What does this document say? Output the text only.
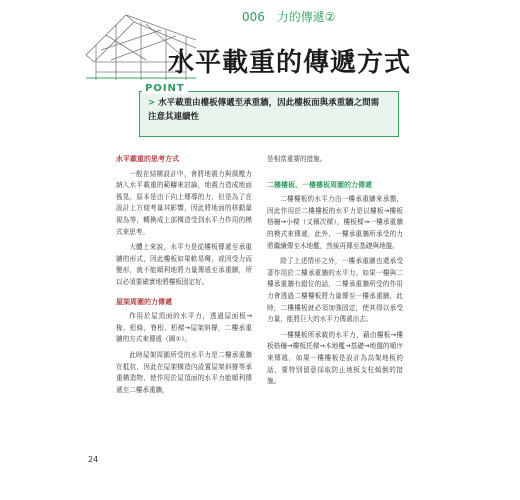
006 力的傳遞②
水平載重的傳遞方式
POINT
> 水平載重由樓板傳遞至承重牆，因此樓板面與承重牆之間需注意其連續性
水平載重的思考方式

一般在結構設計中，會將地震力與風壓力納入水平載重的範疇來討論，地震力造成地面搖晃，原本是由下向上傳導的力，但是為了在設計上方便考量其影響，因此將地面的移動量視為等，轉換成上部構造受到水平力作用的模式來思考。

大體上來說，水平力是從樓板傳遞至承重牆的形式，因此樓板如果軟易彎，或因受力而變形，就不能順利地將力量傳遞至承重牆，所以必須要確實地將樓板固定好。

屋架周圍的力傳遞

作用於屋頂面的水平力，透過屋面板→椽、桁條，脊桁、桁樑→屋架斜撐，二樓承重牆的方式來傳遞（圖①）。

此時屋架周圍所受的水平力是二樓承重牆在抵抗，因此在屋架構造內設置屋架斜撐等承重構造物，使作用於屋頂面的水平力能順利傳遞至二樓承重牆，

是相當重要的措施。

二樓樓板、一樓樓板周圍的力傳遞

二樓樓板的水平力由一樓承重牆來承擔，因此作用於二樓樓板的水平力是以樓板→樓板格柵→小樑（又稱次樑），樓板樑→一樓承重牆的模式來傳遞，此外，一樓承重牆所承受的力將繼續傳至木地檻，然後再傳至基礎與地盤。

除了上述情形之外，一樓承重牆也還承受著作用於二樓承重牆的水平力。如果一樓與二樓承重牆有錯位的話，二樓承重牆所受的作用力會透過二樓樓板將力量傳至一樓承重牆，此時，二樓樓板就必須加強固定，使其得以承受力量，能將巨大的水平力傳遞出去。

一樓樓板所承載的水平力，藉由樓板→樓板格柵→樓板托樑→木地檻→基礎→地盤的順序來傳遞，如果一樓樓板是設計為高架地板的話，要特別留意採取防止地板支柱傾倒的措施。

24
